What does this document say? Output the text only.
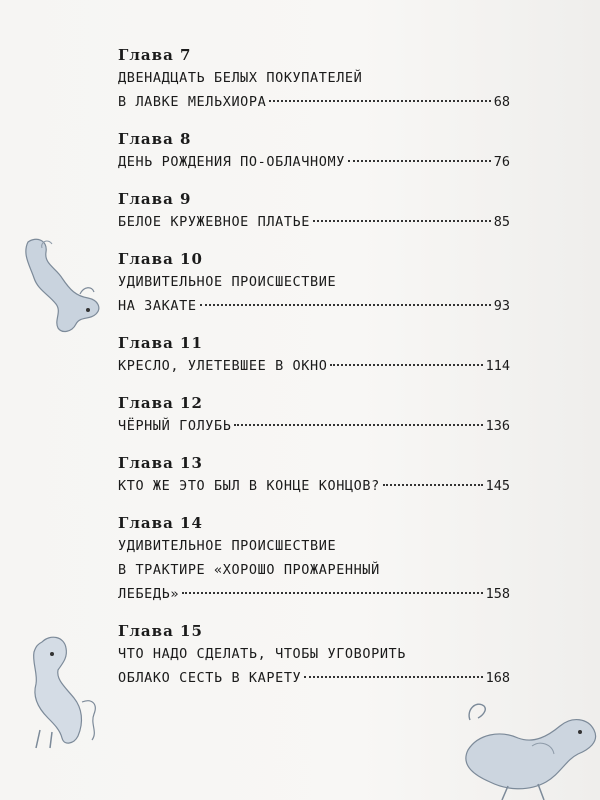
Глава 7
ДВЕНАДЦАТЬ БЕЛЫХ ПОКУПАТЕЛЕЙ
В ЛАВКЕ МЕЛЬХИОРА	68
Глава 8
ДЕНЬ РОЖДЕНИЯ ПО-ОБЛАЧНОМУ	76
Глава 9
БЕЛОЕ КРУЖЕВНОЕ ПЛАТЬЕ	85
Глава 10
УДИВИТЕЛЬНОЕ ПРОИСШЕСТВИЕ
НА ЗАКАТЕ	93
Глава 11
КРЕСЛО, УЛЕТЕВШЕЕ В ОКНО	114
Глава 12
ЧЁРНЫЙ ГОЛУБЬ	136
Глава 13
КТО ЖЕ ЭТО БЫЛ В КОНЦЕ КОНЦОВ?	145
Глава 14
УДИВИТЕЛЬНОЕ ПРОИСШЕСТВИЕ
В ТРАКТИРЕ «ХОРОШО ПРОЖАРЕННЫЙ
ЛЕБЕДЬ»	158
Глава 15
ЧТО НАДО СДЕЛАТЬ, ЧТОБЫ УГОВОРИТЬ
ОБЛАКО СЕСТЬ В КАРЕТУ	168
